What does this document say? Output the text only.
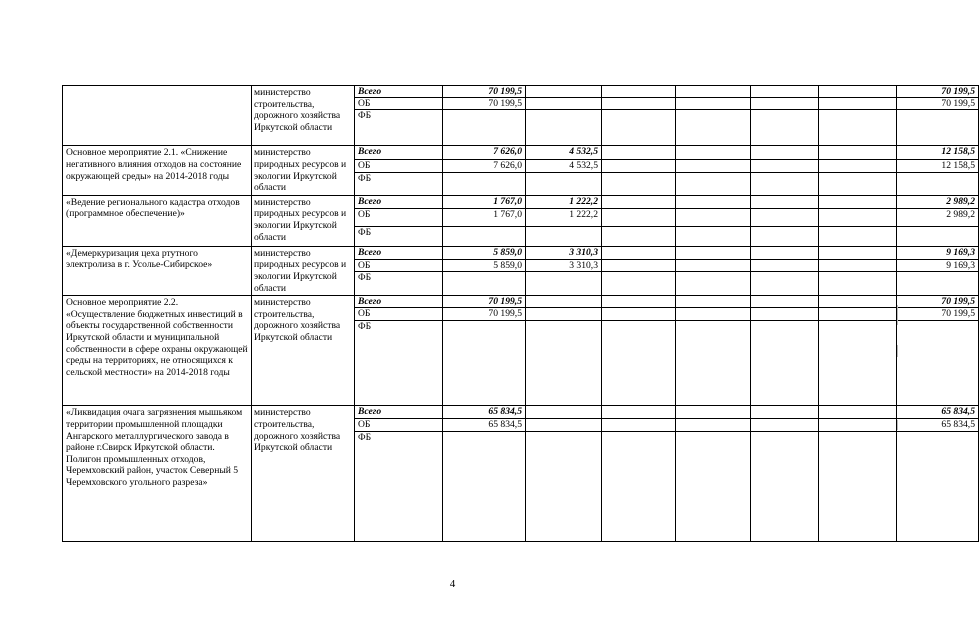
	министерство строительства, дорожного хозяйства Иркутской области	Всего	70 199,5						70 199,5
		ОБ	70 199,5						70 199,5
		ФБ							
Основное мероприятие 2.1. «Снижение негативного влияния отходов на состояние окружающей среды» на 2014-2018 годы	министерство природных ресурсов и экологии Иркутской области	Всего	7 626,0	4 532,5					12 158,5
		ОБ	7 626,0	4 532,5					12 158,5
		ФБ							
«Ведение регионального кадастра отходов (программное обеспечение)»	министерство природных ресурсов и экологии Иркутской области	Всего	1 767,0	1 222,2					2 989,2
		ОБ	1 767,0	1 222,2					2 989,2
		ФБ							
«Демеркуризация цеха ртутного электролиза в г. Усолье-Сибирское»	министерство природных ресурсов и экологии Иркутской области	Всего	5 859,0	3 310,3					9 169,3
		ОБ	5 859,0	3 310,3					9 169,3
		ФБ							
Основное мероприятие 2.2. «Осуществление бюджетных инвестиций в объекты государственной собственности Иркутской области и муниципальной собственности в сфере охраны окружающей среды на территориях, не относящихся к сельской местности» на 2014-2018 годы	министерство строительства, дорожного хозяйства Иркутской области	Всего	70 199,5						70 199,5
		ОБ	70 199,5						70 199,5
		ФБ							
«Ликвидация очага загрязнения мышьяком территории промышленной площадки Ангарского металлургического завода в районе г.Свирск Иркутской области. Полигон промышленных отходов, Черемховский район, участок Северный 5 Черемховского угольного разреза»	министерство строительства, дорожного хозяйства Иркутской области	Всего	65 834,5						65 834,5
		ОБ	65 834,5						65 834,5
		ФБ							
4
